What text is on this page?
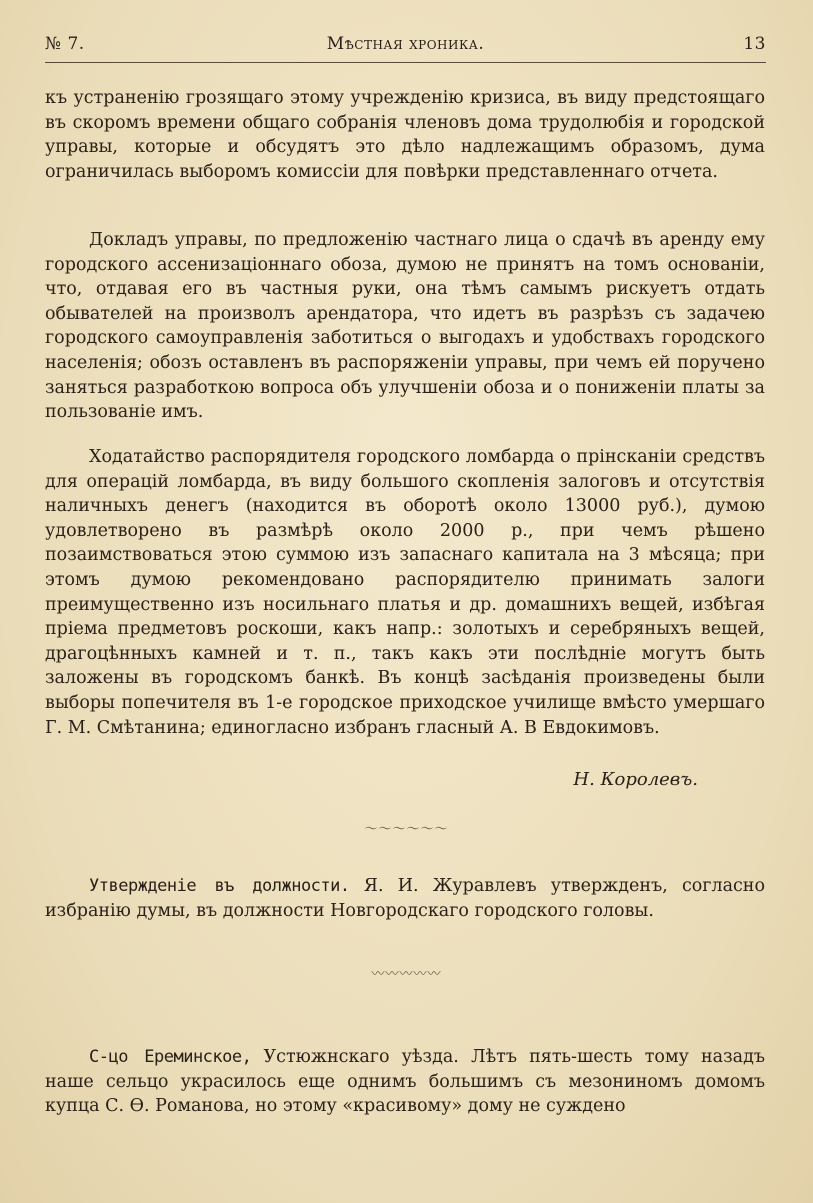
№ 7.	Мѣстная хроника.	13
къ устраненію грозящаго этому учрежденію кризиса, въ виду предстоящаго въ скоромъ времени общаго собранія членовъ дома трудолюбія и городской управы, которые и обсудятъ это дѣло надлежащимъ образомъ, дума ограничилась выборомъ комиссіи для повѣрки представленнаго отчета.
Докладъ управы, по предложенію частнаго лица о сдачѣ въ аренду ему городского ассенизаціоннаго обоза, думою не принятъ на томъ основаніи, что, отдавая его въ частныя руки, она тѣмъ самымъ рискуетъ отдать обывателей на произволъ арендатора, что идетъ въ разрѣзъ съ задачею городского самоуправленія заботиться о выгодахъ и удобствахъ городского населенія; обозъ оставленъ въ распоряженіи управы, при чемъ ей поручено заняться разработкою вопроса объ улучшеніи обоза и о пониженіи платы за пользованіе имъ.
Ходатайство распорядителя городского ломбарда о прінсканіи средствъ для операцій ломбарда, въ виду большого скопленія залоговъ и отсутствія наличныхъ денегъ (находится въ оборотѣ около 13000 руб.), думою удовлетворено въ размѣрѣ около 2000 р., при чемъ рѣшено позаимствоваться этою суммою изъ запаснаго капитала на 3 мѣсяца; при этомъ думою рекомендовано распорядителю принимать залоги преимущественно изъ носильнаго платья и др. домашнихъ вещей, избѣгая пріема предметовъ роскоши, какъ напр.: золотыхъ и серебряныхъ вещей, драгоцѣнныхъ камней и т. п., такъ какъ эти послѣдніе могутъ быть заложены въ городскомъ банкѣ. Въ концѣ засѣданія произведены были выборы попечителя въ 1-е городское приходское училище вмѣсто умершаго Г. М. Смѣтанина; единогласно избранъ гласный А. В Евдокимовъ.
Н. Королевъ.
〜〜〜〜〜〜
Утвержденіе въ должности. Я. И. Журавлевъ утвержденъ, согласно избранію думы, въ должности Новгородскаго городского головы.
〰〰〰〰〰
С-цо Ереминское, Устюжнскаго уѣзда. Лѣтъ пять-шесть тому назадъ наше сельцо украсилось еще однимъ большимъ съ мезониномъ домомъ купца С. Ѳ. Романова, но этому «красивому» дому не суждено
